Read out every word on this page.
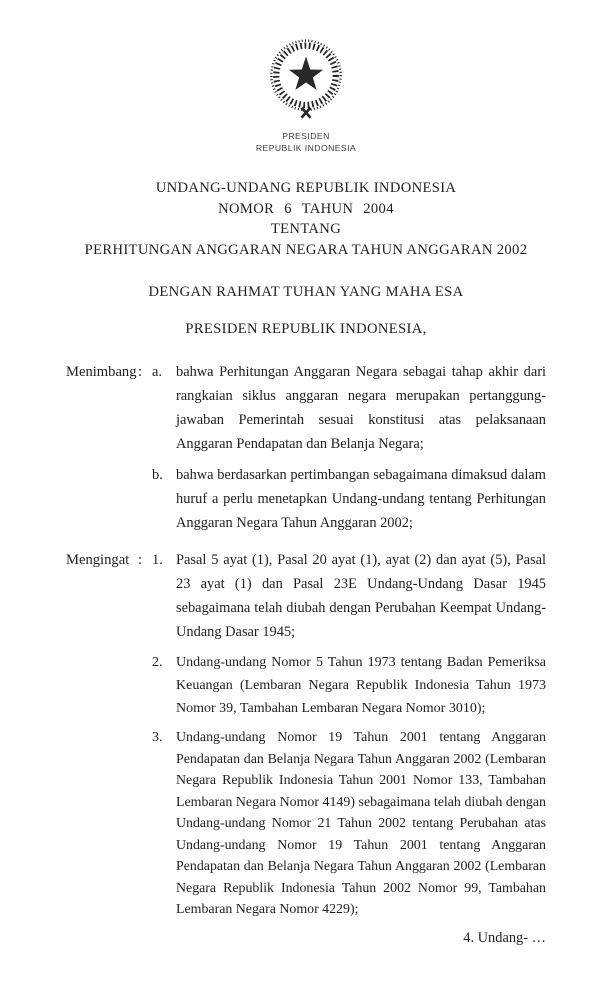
PRESIDEN
REPUBLIK INDONESIA
UNDANG-UNDANG REPUBLIK INDONESIA
NOMOR 6 TAHUN 2004
TENTANG
PERHITUNGAN ANGGARAN NEGARA TAHUN ANGGARAN 2002
DENGAN RAHMAT TUHAN YANG MAHA ESA
PRESIDEN REPUBLIK INDONESIA,
Menimbang : a. bahwa Perhitungan Anggaran Negara sebagai tahap akhir dari rangkaian siklus anggaran negara merupakan pertanggung-jawaban Pemerintah sesuai konstitusi atas pelaksanaan Anggaran Pendapatan dan Belanja Negara;
b. bahwa berdasarkan pertimbangan sebagaimana dimaksud dalam huruf a perlu menetapkan Undang-undang tentang Perhitungan Anggaran Negara Tahun Anggaran 2002;
Mengingat : 1. Pasal 5 ayat (1), Pasal 20 ayat (1), ayat (2) dan ayat (5), Pasal 23 ayat (1) dan Pasal 23E Undang-Undang Dasar 1945 sebagaimana telah diubah dengan Perubahan Keempat Undang-Undang Dasar 1945;
2. Undang-undang Nomor 5 Tahun 1973 tentang Badan Pemeriksa Keuangan (Lembaran Negara Republik Indonesia Tahun 1973 Nomor 39, Tambahan Lembaran Negara Nomor 3010);
3. Undang-undang Nomor 19 Tahun 2001 tentang Anggaran Pendapatan dan Belanja Negara Tahun Anggaran 2002 (Lembaran Negara Republik Indonesia Tahun 2001 Nomor 133, Tambahan Lembaran Negara Nomor 4149) sebagaimana telah diubah dengan Undang-undang Nomor 21 Tahun 2002 tentang Perubahan atas Undang-undang Nomor 19 Tahun 2001 tentang Anggaran Pendapatan dan Belanja Negara Tahun Anggaran 2002 (Lembaran Negara Republik Indonesia Tahun 2002 Nomor 99, Tambahan Lembaran Negara Nomor 4229);
4. Undang- …
